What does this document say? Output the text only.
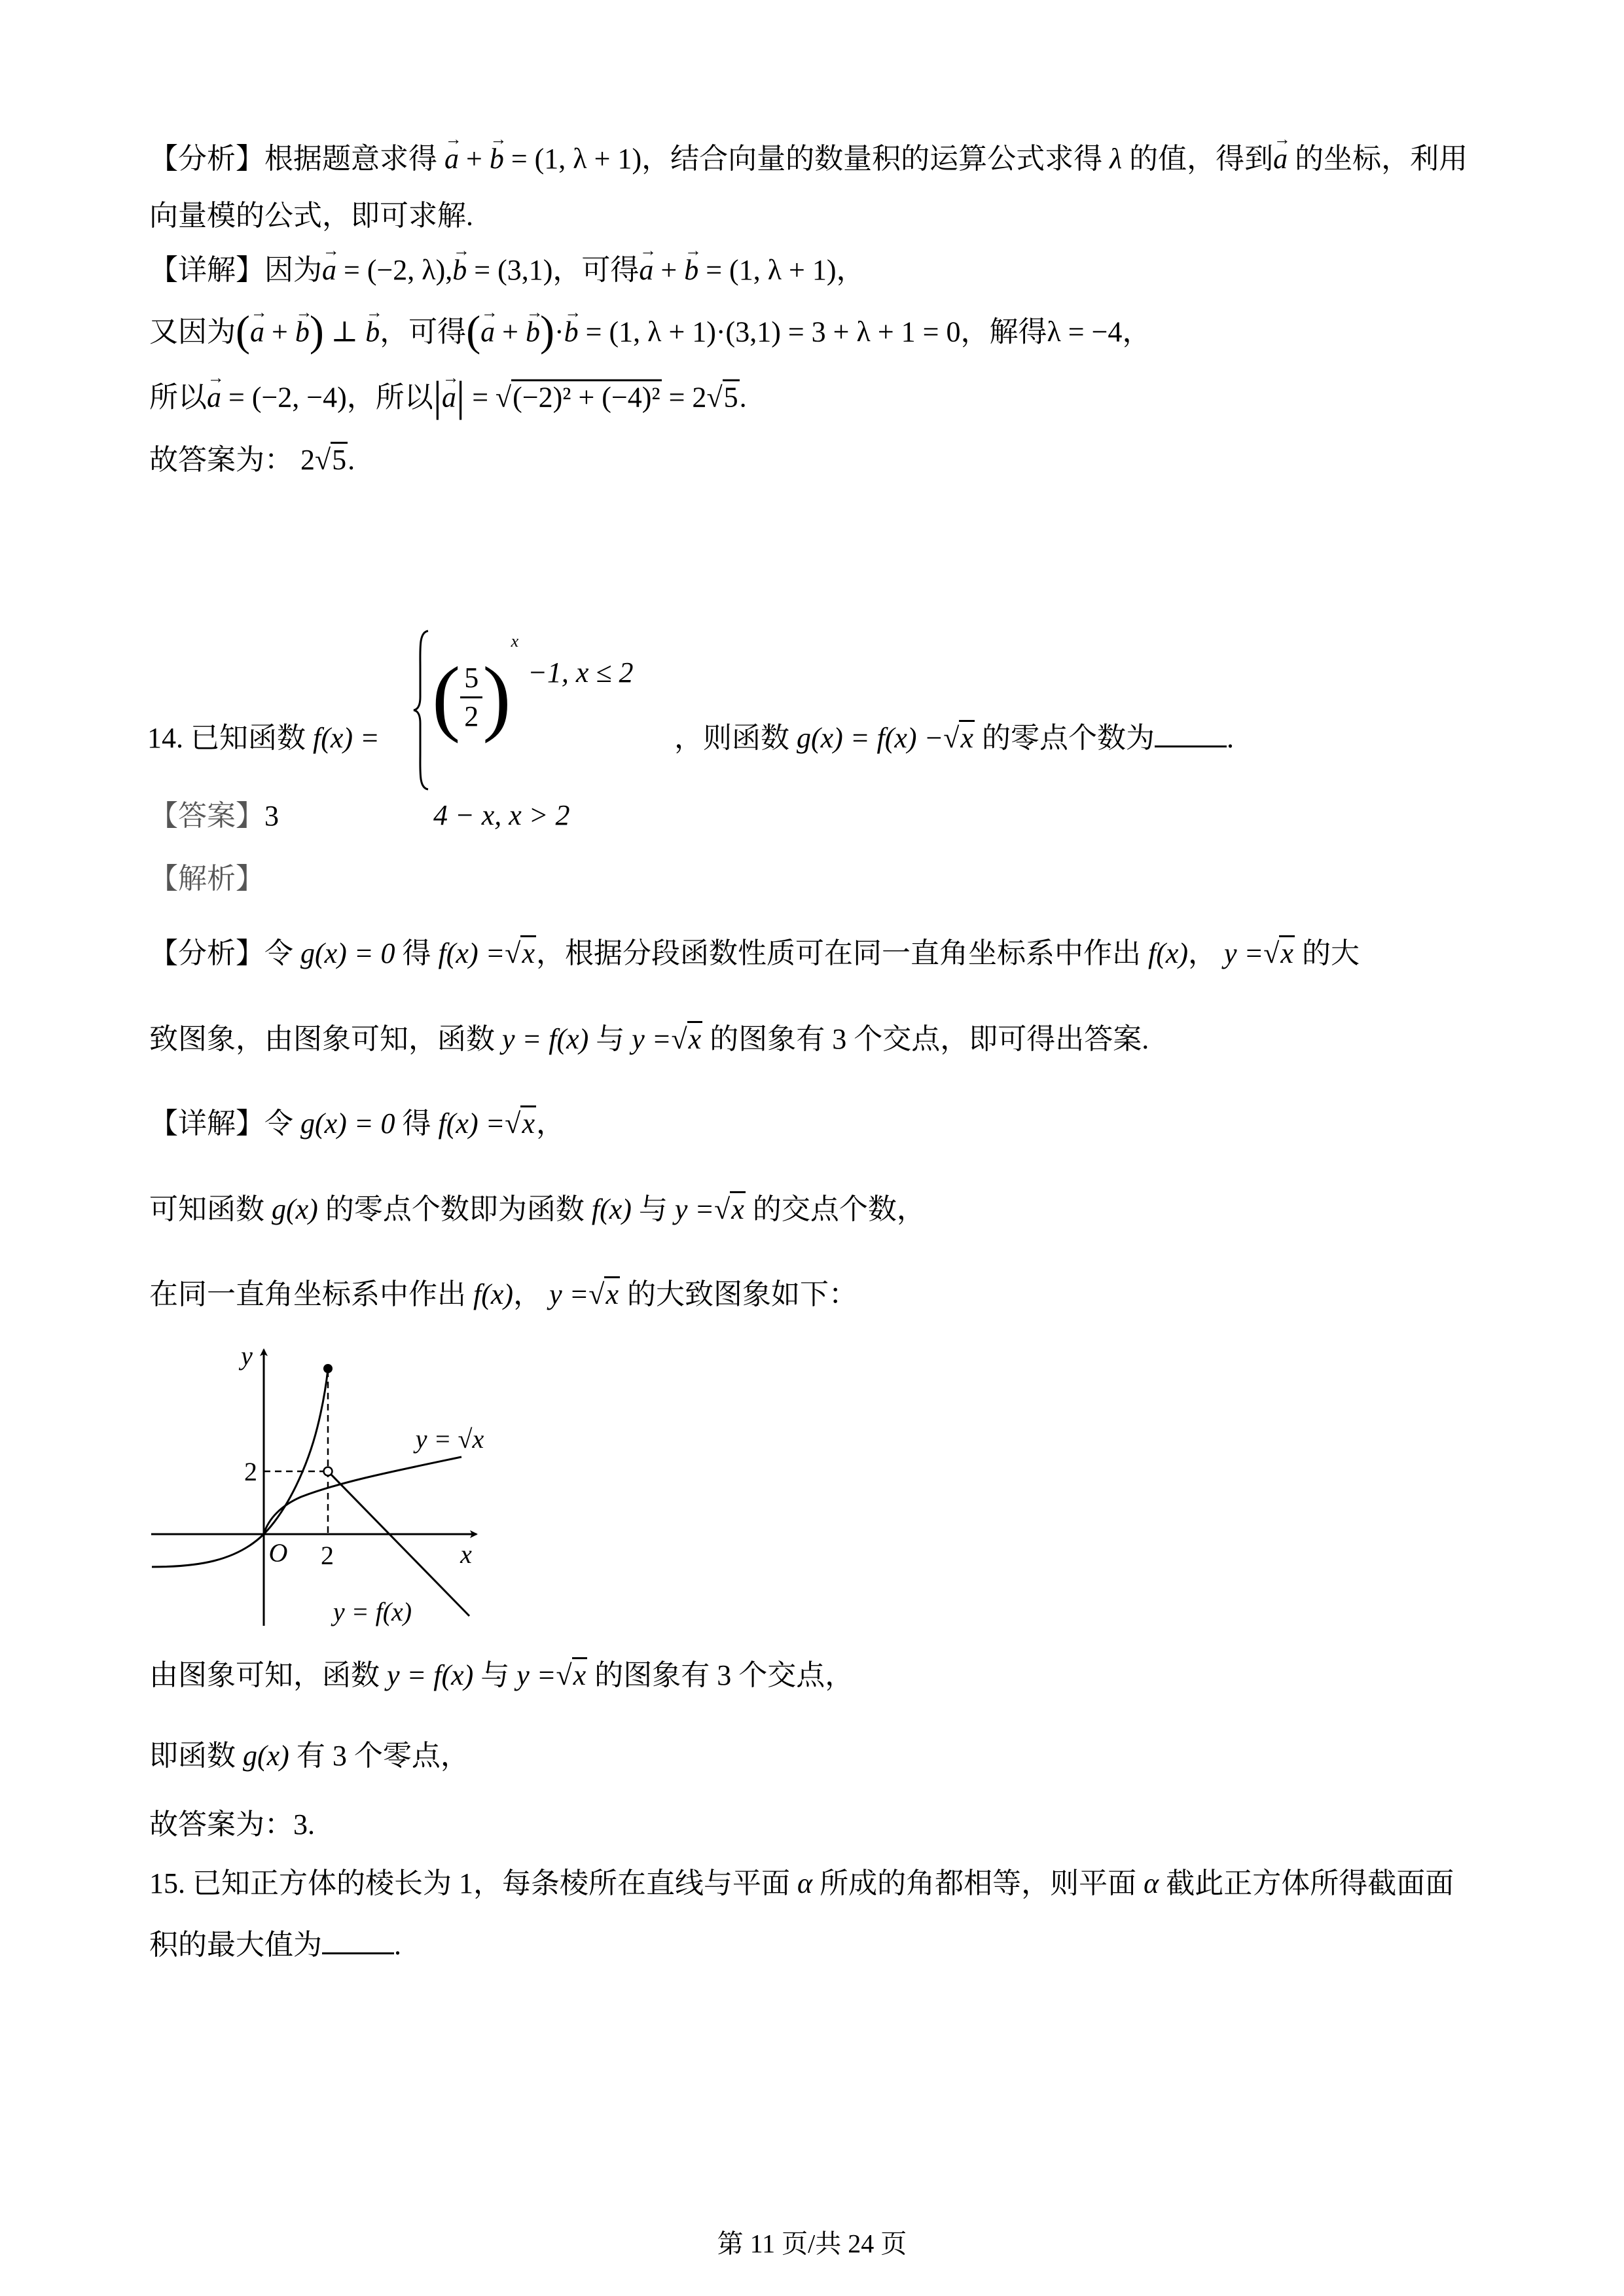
【分析】根据题意求得 → a + → b = (1, λ + 1)，结合向量的数量积的运算公式求得 λ 的值，得到→ a 的坐标，利用
向量模的公式，即可求解.
【详解】因为→ a = (−2, λ),→ b = (3,1)，可得→ a + → b = (1, λ + 1)，
又因为(→ a + → b) ⊥ → b，可得(→ a + → b)·→ b = (1, λ + 1)·(3,1) = 3 + λ + 1 = 0，解得λ = −4，
所以→ a = (−2, −4)，所以|→ a| = √(−2)² + (−4)² = 2√5.
故答案为： 2√5.
14. 已知函数 f(x) = ( $\frac{5}{2}$ )
x
−1, x ≤ 2
4 − x, x > 2
，则函数 g(x) = f(x) −√x 的零点个数为	.
【答案】3
【解析】
【分析】令 g(x) = 0 得 f(x) =√x，根据分段函数性质可在同一直角坐标系中作出 f(x)， y =√x 的大
致图象，由图象可知，函数 y = f(x) 与 y =√x 的图象有 3 个交点，即可得出答案.
【详解】令 g(x) = 0 得 f(x) =√x，
可知函数 g(x) 的零点个数即为函数 f(x) 与 y =√x 的交点个数，
在同一直角坐标系中作出 f(x)， y =√x 的大致图象如下：
y
x
O 2
2
y = √x
y = f(x)
由图象可知，函数 y = f(x) 与 y =√x 的图象有 3 个交点，
即函数 g(x) 有 3 个零点，
故答案为：3.
15. 已知正方体的棱长为 1，每条棱所在直线与平面 α 所成的角都相等，则平面 α 截此正方体所得截面面
积的最大值为	.
第 11 页/共 24 页
